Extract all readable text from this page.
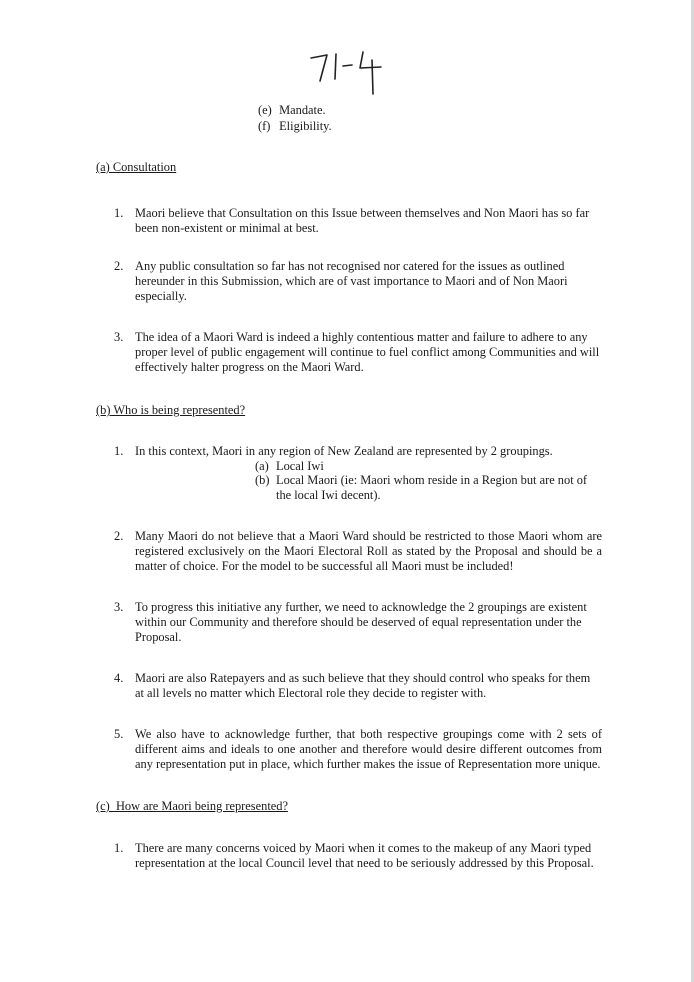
(e) Mandate.
(f) Eligibility.
(a) Consultation
1. Maori believe that Consultation on this Issue between themselves and Non Maori has so far been non-existent or minimal at best.
2. Any public consultation so far has not recognised nor catered for the issues as outlined hereunder in this Submission, which are of vast importance to Maori and of Non Maori especially.
3. The idea of a Maori Ward is indeed a highly contentious matter and failure to adhere to any proper level of public engagement will continue to fuel conflict among Communities and will effectively halter progress on the Maori Ward.
(b) Who is being represented?
1. In this context, Maori in any region of New Zealand are represented by 2 groupings.
(a) Local Iwi
(b) Local Maori (ie: Maori whom reside in a Region but are not of the local Iwi decent).
2. Many Maori do not believe that a Maori Ward should be restricted to those Maori whom are registered exclusively on the Maori Electoral Roll as stated by the Proposal and should be a matter of choice. For the model to be successful all Maori must be included!
3. To progress this initiative any further, we need to acknowledge the 2 groupings are existent within our Community and therefore should be deserved of equal representation under the Proposal.
4. Maori are also Ratepayers and as such believe that they should control who speaks for them at all levels no matter which Electoral role they decide to register with.
5. We also have to acknowledge further, that both respective groupings come with 2 sets of different aims and ideals to one another and therefore would desire different outcomes from any representation put in place, which further makes the issue of Representation more unique.
(c)  How are Maori being represented?
1. There are many concerns voiced by Maori when it comes to the makeup of any Maori typed representation at the local Council level that need to be seriously addressed by this Proposal.
